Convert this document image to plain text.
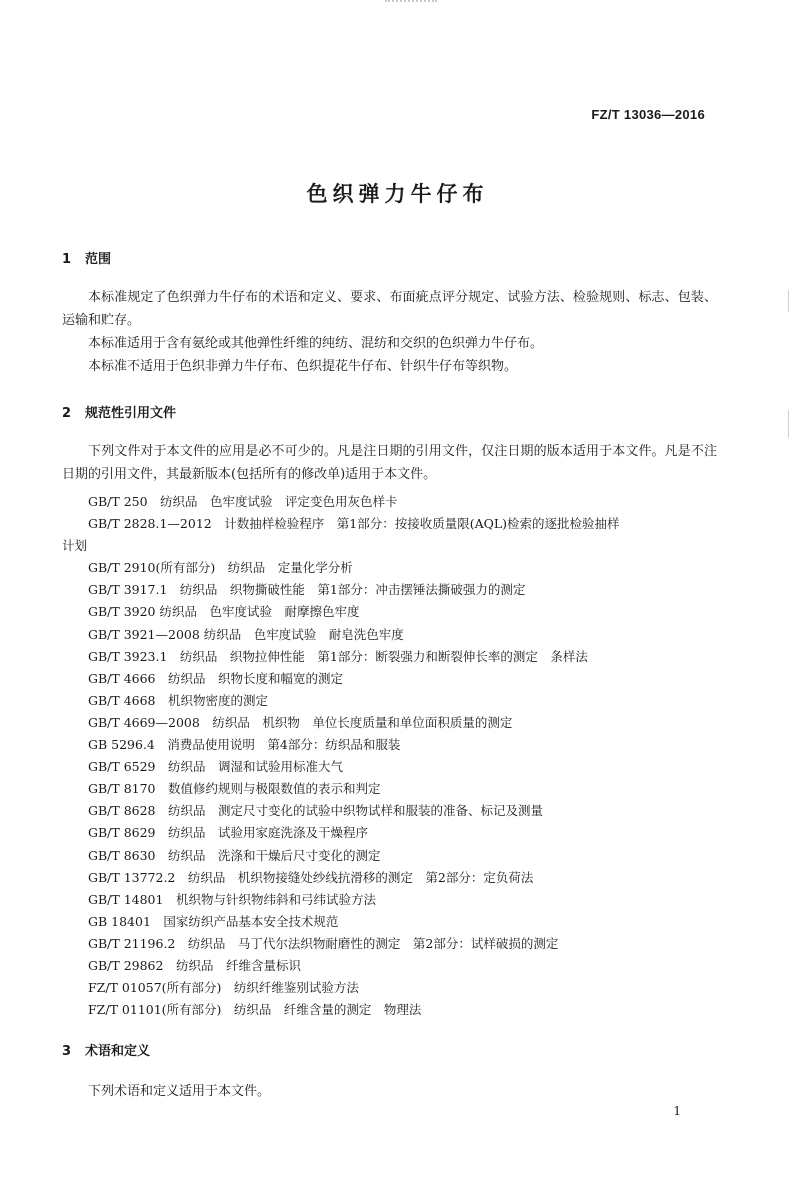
FZ/T 13036—2016
色织弹力牛仔布
1 范围
本标准规定了色织弹力牛仔布的术语和定义、要求、布面疵点评分规定、试验方法、检验规则、标志、包装、运输和贮存。
本标准适用于含有氨纶或其他弹性纤维的纯纺、混纺和交织的色织弹力牛仔布。
本标准不适用于色织非弹力牛仔布、色织提花牛仔布、针织牛仔布等织物。
2 规范性引用文件
下列文件对于本文件的应用是必不可少的。凡是注日期的引用文件，仅注日期的版本适用于本文件。凡是不注日期的引用文件，其最新版本(包括所有的修改单)适用于本文件。
GB/T 250　纺织品　色牢度试验　评定变色用灰色样卡
GB/T 2828.1—2012　计数抽样检验程序　第1部分：按接收质量限(AQL)检索的逐批检验抽样
计划
GB/T 2910(所有部分)　纺织品　定量化学分析
GB/T 3917.1　纺织品　织物撕破性能　第1部分：冲击摆锤法撕破强力的测定
GB/T 3920 纺织品　色牢度试验　耐摩擦色牢度
GB/T 3921—2008 纺织品　色牢度试验　耐皂洗色牢度
GB/T 3923.1　纺织品　织物拉伸性能　第1部分：断裂强力和断裂伸长率的测定　条样法
GB/T 4666　纺织品　织物长度和幅宽的测定
GB/T 4668　机织物密度的测定
GB/T 4669—2008　纺织品　机织物　单位长度质量和单位面积质量的测定
GB 5296.4　消费品使用说明　第4部分：纺织品和服装
GB/T 6529　纺织品　调湿和试验用标准大气
GB/T 8170　数值修约规则与极限数值的表示和判定
GB/T 8628　纺织品　测定尺寸变化的试验中织物试样和服装的准备、标记及测量
GB/T 8629　纺织品　试验用家庭洗涤及干燥程序
GB/T 8630　纺织品　洗涤和干燥后尺寸变化的测定
GB/T 13772.2　纺织品　机织物接缝处纱线抗滑移的测定　第2部分：定负荷法
GB/T 14801　机织物与针织物纬斜和弓纬试验方法
GB 18401　国家纺织产品基本安全技术规范
GB/T 21196.2　纺织品　马丁代尔法织物耐磨性的测定　第2部分：试样破损的测定
GB/T 29862　纺织品　纤维含量标识
FZ/T 01057(所有部分)　纺织纤维鉴别试验方法
FZ/T 01101(所有部分)　纺织品　纤维含量的测定　物理法
3 术语和定义
下列术语和定义适用于本文件。
1
